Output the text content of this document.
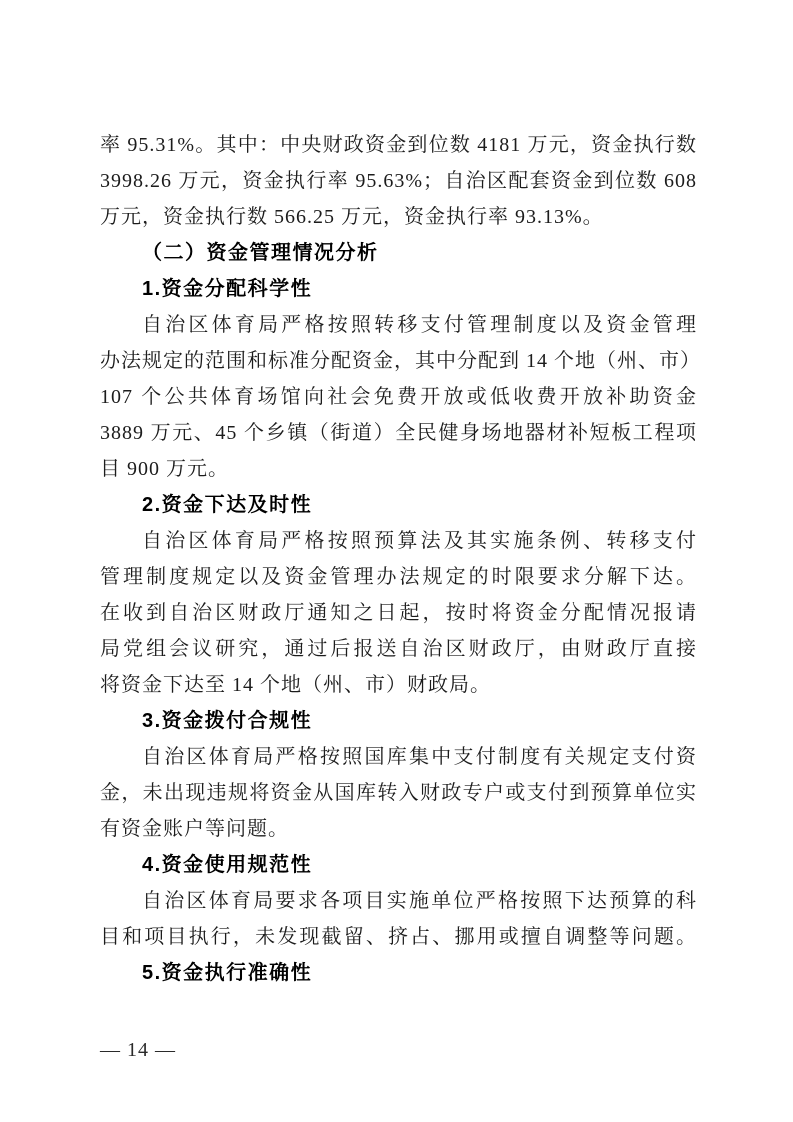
率 95.31%。其中：中央财政资金到位数 4181 万元，资金执行数
3998.26 万元，资金执行率 95.63%；自治区配套资金到位数 608
万元，资金执行数 566.25 万元，资金执行率 93.13%。
（二）资金管理情况分析
1.资金分配科学性
自治区体育局严格按照转移支付管理制度以及资金管理
办法规定的范围和标准分配资金，其中分配到 14 个地（州、市）
107 个公共体育场馆向社会免费开放或低收费开放补助资金
3889 万元、45 个乡镇（街道）全民健身场地器材补短板工程项
目 900 万元。
2.资金下达及时性
自治区体育局严格按照预算法及其实施条例、转移支付
管理制度规定以及资金管理办法规定的时限要求分解下达。
在收到自治区财政厅通知之日起，按时将资金分配情况报请
局党组会议研究，通过后报送自治区财政厅，由财政厅直接
将资金下达至 14 个地（州、市）财政局。
3.资金拨付合规性
自治区体育局严格按照国库集中支付制度有关规定支付资
金，未出现违规将资金从国库转入财政专户或支付到预算单位实
有资金账户等问题。
4.资金使用规范性
自治区体育局要求各项目实施单位严格按照下达预算的科
目和项目执行，未发现截留、挤占、挪用或擅自调整等问题。
5.资金执行准确性
— 14 —
